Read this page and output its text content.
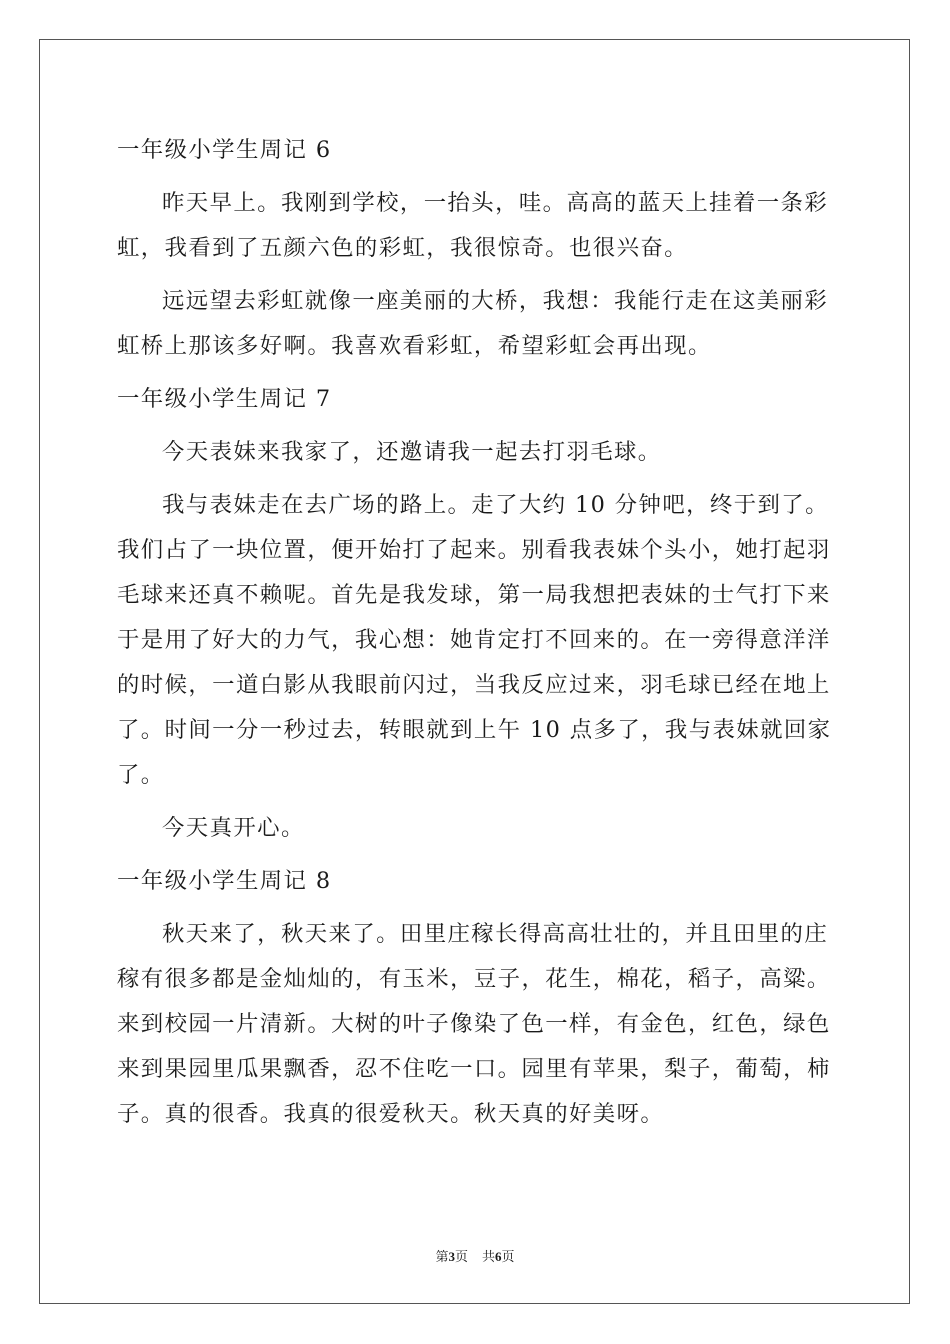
一年级小学生周记 6
昨天早上。我刚到学校，一抬头，哇。高高的蓝天上挂着一条彩
虹，我看到了五颜六色的彩虹，我很惊奇。也很兴奋。
远远望去彩虹就像一座美丽的大桥，我想：我能行走在这美丽彩
虹桥上那该多好啊。我喜欢看彩虹，希望彩虹会再出现。
一年级小学生周记 7
今天表妹来我家了，还邀请我一起去打羽毛球。
我与表妹走在去广场的路上。走了大约 10 分钟吧，终于到了。
我们占了一块位置，便开始打了起来。别看我表妹个头小，她打起羽
毛球来还真不赖呢。首先是我发球，第一局我想把表妹的士气打下来
于是用了好大的力气，我心想：她肯定打不回来的。在一旁得意洋洋
的时候，一道白影从我眼前闪过，当我反应过来，羽毛球已经在地上
了。时间一分一秒过去，转眼就到上午 10 点多了，我与表妹就回家
了。
今天真开心。
一年级小学生周记 8
秋天来了，秋天来了。田里庄稼长得高高壮壮的，并且田里的庄
稼有很多都是金灿灿的，有玉米，豆子，花生，棉花，稻子，高粱。
来到校园一片清新。大树的叶子像染了色一样，有金色，红色，绿色
来到果园里瓜果飘香，忍不住吃一口。园里有苹果，梨子，葡萄，柿
子。真的很香。我真的很爱秋天。秋天真的好美呀。
第3页 共6页
